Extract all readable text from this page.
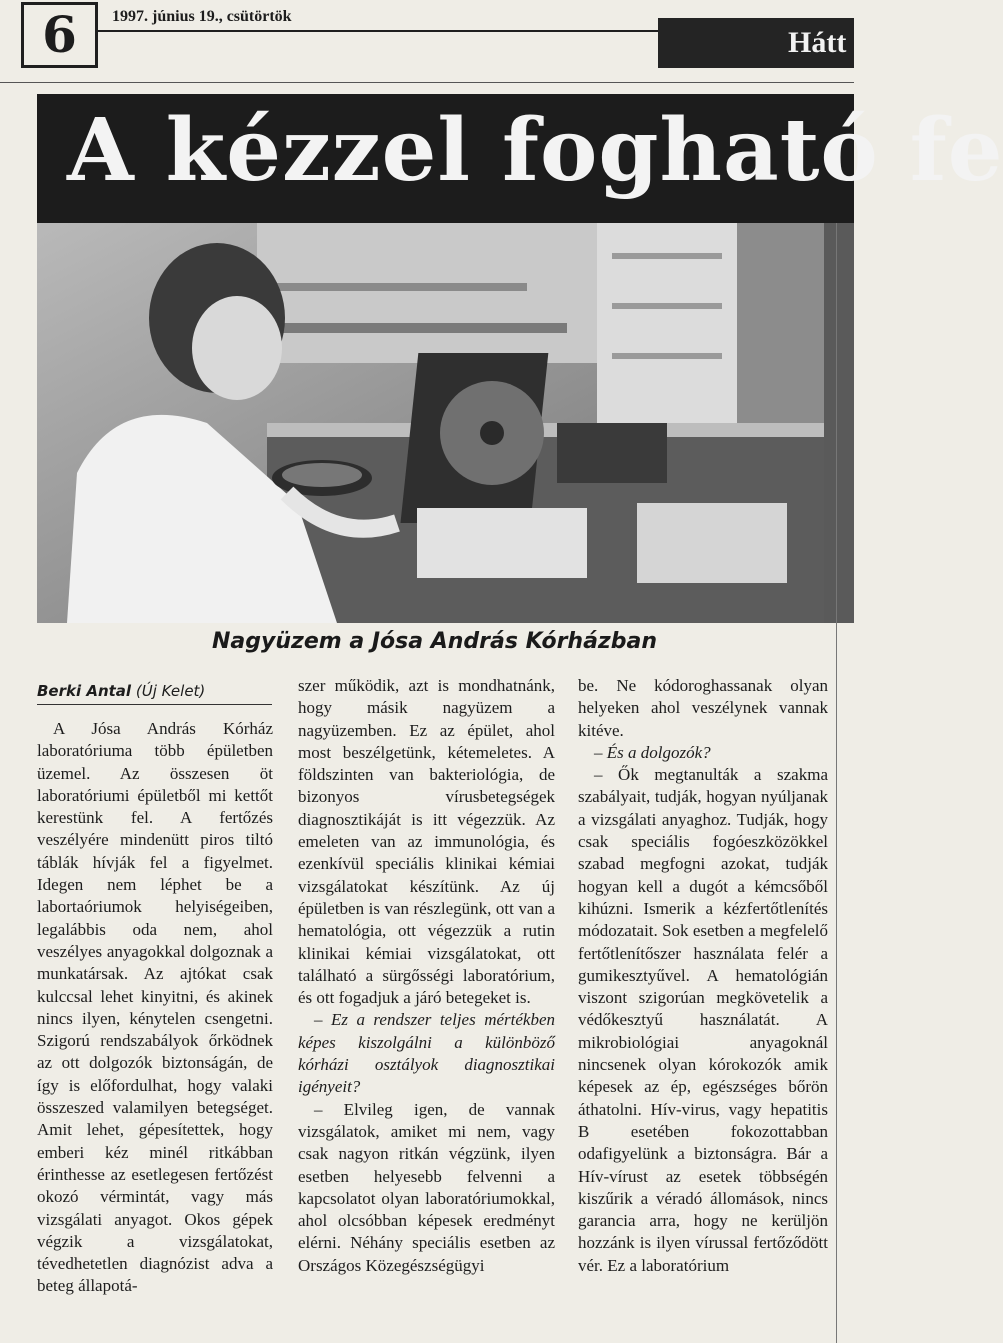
6	1997. június 19., csütörtök
Hátt
A kézzel fogható fe
Nagyüzem a Jósa András Kórházban
Berki Antal (Új Kelet)

A Jósa András Kórház laboratóriuma több épületben üzemel. Az összesen öt laboratóriumi épületből mi kettőt kerestünk fel. A fertőzés veszélyére mindenütt piros tiltó táblák hívják fel a figyelmet. Idegen nem léphet be a labortaóriumok helyiségeiben, legalábbis oda nem, ahol veszélyes anyagokkal dolgoznak a munkatársak. Az ajtókat csak kulccsal lehet kinyitni, és akinek nincs ilyen, kénytelen csengetni. Szigorú rendszabályok őrködnek az ott dolgozók biztonságán, de így is előfordulhat, hogy valaki összeszed valamilyen betegséget. Amit lehet, gépesítettek, hogy emberi kéz minél ritkábban érinthesse az esetlegesen fertőzést okozó vérmintát, vagy más vizsgálati anyagot. Okos gépek végzik a vizsgálatokat, tévedhetetlen diagnózist adva a beteg állapotá-

szer működik, azt is mondhatnánk, hogy másik nagyüzem a nagyüzemben. Ez az épület, ahol most beszélgetünk, kétemeletes. A földszinten van bakteriológia, de bizonyos vírusbetegségek diagnosztikáját is itt végezzük. Az emeleten van az immunológia, és ezenkívül speciális klinikai kémiai vizsgálatokat készítünk. Az új épületben is van részlegünk, ott van a hematológia, ott végezzük a rutin klinikai kémiai vizsgálatokat, ott található a sürgősségi laboratórium, és ott fogadjuk a járó betegeket is.

– Ez a rendszer teljes mértékben képes kiszolgálni a különböző kórházi osztályok diagnosztikai igényeit?

– Elvileg igen, de vannak vizsgálatok, amiket mi nem, vagy csak nagyon ritkán végzünk, ilyen esetben helyesebb felvenni a kapcsolatot olyan laboratóriumokkal, ahol olcsóbban képesek eredményt elérni. Néhány speciális esetben az Országos Közegészségügyi

be. Ne kódoroghassanak olyan helyeken ahol veszélynek vannak kitéve.

– És a dolgozók?

– Ők megtanulták a szakma szabályait, tudják, hogyan nyúljanak a vizsgálati anyaghoz. Tudják, hogy csak speciális fogóeszközökkel szabad megfogni azokat, tudják hogyan kell a dugót a kémcsőből kihúzni. Ismerik a kézfertőtlenítés módozatait. Sok esetben a megfelelő fertőtlenítőszer használata felér a gumikesztyűvel. A hematológián viszont szigorúan megkövetelik a védőkesztyű használatát. A mikrobiológiai anyagoknál nincsenek olyan kórokozók amik képesek az ép, egészséges bőrön áthatolni. Hív-virus, vagy hepatitis B esetében fokozottabban odafigyelünk a biztonságra. Bár a Hív-vírust az esetek többségén kiszűrik a véradó állomások, nincs garancia arra, hogy ne kerüljön hozzánk is ilyen vírussal fertőződött vér. Ez a laboratórium
